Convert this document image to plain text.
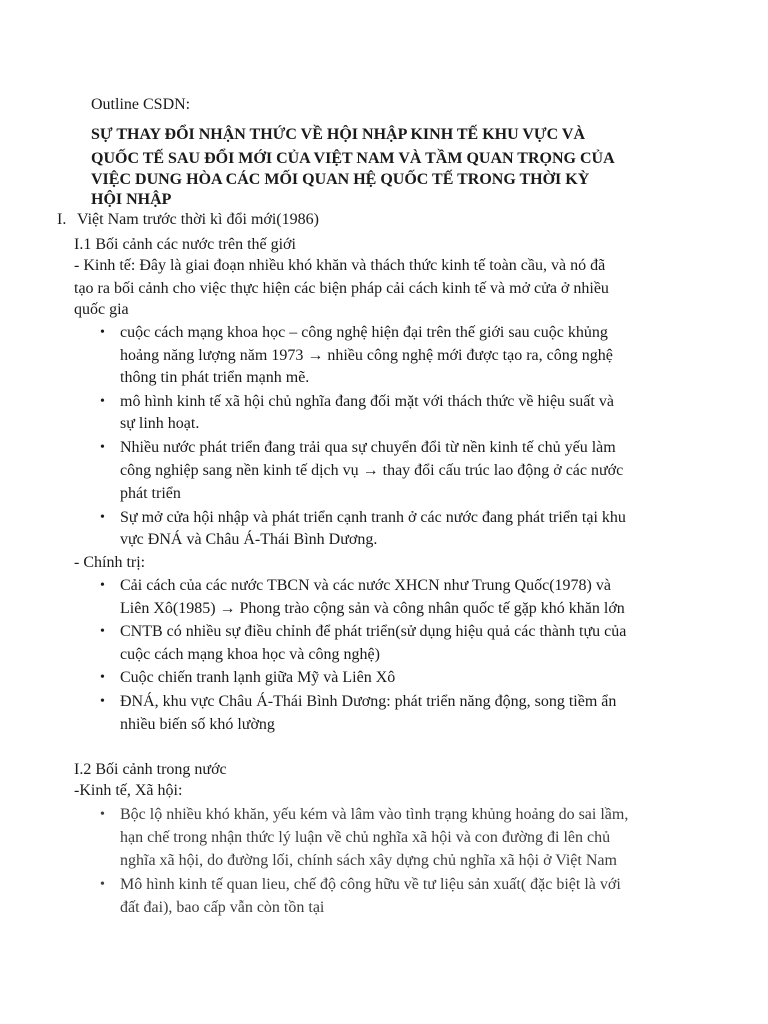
Outline CSDN:
SỰ THAY ĐỔI NHẬN THỨC VỀ HỘI NHẬP KINH TẾ KHU VỰC VÀ
QUỐC TẾ SAU ĐỔI MỚI CỦA VIỆT NAM VÀ TẦM QUAN TRỌNG CỦA
VIỆC DUNG HÒA CÁC MỐI QUAN HỆ QUỐC TẾ TRONG THỜI KỲ
HỘI NHẬP
I. Việt Nam trước thời kì đổi mới(1986)
I.1 Bối cảnh các nước trên thế giới
- Kinh tế: Đây là giai đoạn nhiều khó khăn và thách thức kinh tế toàn cầu, và nó đã
tạo ra bối cảnh cho việc thực hiện các biện pháp cải cách kinh tế và mở cửa ở nhiều
quốc gia
• cuộc cách mạng khoa học – công nghệ hiện đại trên thế giới sau cuộc khủng
hoảng năng lượng năm 1973 → nhiều công nghệ mới được tạo ra, công nghệ
thông tin phát triển mạnh mẽ.
• mô hình kinh tế xã hội chủ nghĩa đang đối mặt với thách thức về hiệu suất và
sự linh hoạt.
• Nhiều nước phát triển đang trải qua sự chuyển đổi từ nền kinh tế chủ yếu làm
công nghiệp sang nền kinh tế dịch vụ → thay đổi cấu trúc lao động ở các nước
phát triển
• Sự mở cửa hội nhập và phát triển cạnh tranh ở các nước đang phát triển tại khu
vực ĐNÁ và Châu Á-Thái Bình Dương.
- Chính trị:
• Cải cách của các nước TBCN và các nước XHCN như Trung Quốc(1978) và
Liên Xô(1985) → Phong trào cộng sản và công nhân quốc tế gặp khó khăn lớn
• CNTB có nhiều sự điều chỉnh để phát triển(sử dụng hiệu quả các thành tựu của
cuộc cách mạng khoa học và công nghệ)
• Cuộc chiến tranh lạnh giữa Mỹ và Liên Xô
• ĐNÁ, khu vực Châu Á-Thái Bình Dương: phát triển năng động, song tiềm ẩn
nhiều biến số khó lường
I.2 Bối cảnh trong nước
-Kinh tế, Xã hội:
• Bộc lộ nhiều khó khăn, yếu kém và lâm vào tình trạng khủng hoảng do sai lầm,
hạn chế trong nhận thức lý luận về chủ nghĩa xã hội và con đường đi lên chủ
nghĩa xã hội, do đường lối, chính sách xây dựng chủ nghĩa xã hội ở Việt Nam
• Mô hình kinh tế quan lieu, chế độ công hữu về tư liệu sản xuất( đặc biệt là với
đất đai), bao cấp vẫn còn tồn tại
